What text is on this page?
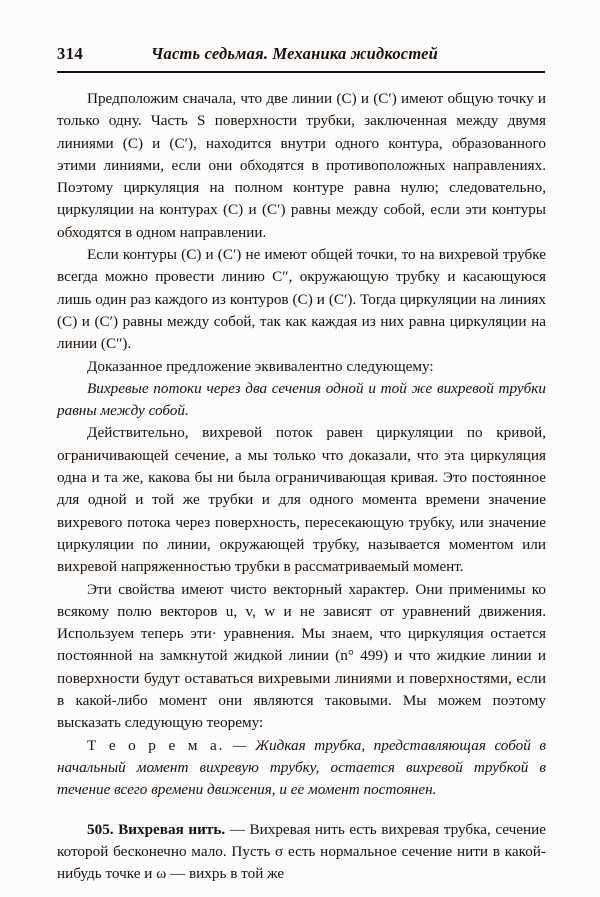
314	Часть седьмая. Механика жидкостей

Предположим сначала, что две линии (C) и (C′) имеют общую точку и только одну. Часть S поверхности трубки, заключенная между двумя линиями (C) и (C′), находится внутри одного контура, образованного этими линиями, если они обходятся в противоположных направлениях. Поэтому циркуляция на полном контуре равна нулю; следовательно, циркуляции на контурах (C) и (C′) равны между собой, если эти контуры обходятся в одном направлении.

Если контуры (C) и (C′) не имеют общей точки, то на вихревой трубке всегда можно провести линию C″, окружающую трубку и касающуюся лишь один раз каждого из контуров (C) и (C′). Тогда циркуляции на линиях (C) и (C′) равны между собой, так как каждая из них равна циркуляции на линии (C″).

Доказанное предложение эквивалентно следующему:

Вихревые потоки через два сечения одной и той же вихревой трубки равны между собой.

Действительно, вихревой поток равен циркуляции по кривой, ограничивающей сечение, а мы только что доказали, что эта циркуляция одна и та же, какова бы ни была ограничивающая кривая. Это постоянное для одной и той же трубки и для одного момента времени значение вихревого потока через поверхность, пересекающую трубку, или значение циркуляции по линии, окружающей трубку, называется моментом или вихревой напряженностью трубки в рассматриваемый момент.

Эти свойства имеют чисто векторный характер. Они применимы ко всякому полю векторов u, v, w и не зависят от уравнений движения. Используем теперь эти· уравнения. Мы знаем, что циркуляция остается постоянной на замкнутой жидкой линии (n° 499) и что жидкие линии и поверхности будут оставаться вихревыми линиями и поверхностями, если в какой-либо момент они являются таковыми. Мы можем поэтому высказать следующую теорему:

Т е о р е м а. — Жидкая трубка, представляющая собой в начальный момент вихревую трубку, остается вихревой трубкой в течение всего времени движения, и ее момент постоянен.

505. Вихревая нить. — Вихревая нить есть вихревая трубка, сечение которой бесконечно мало. Пусть σ есть нормальное сечение нити в какой-нибудь точке и ω — вихрь в той же
